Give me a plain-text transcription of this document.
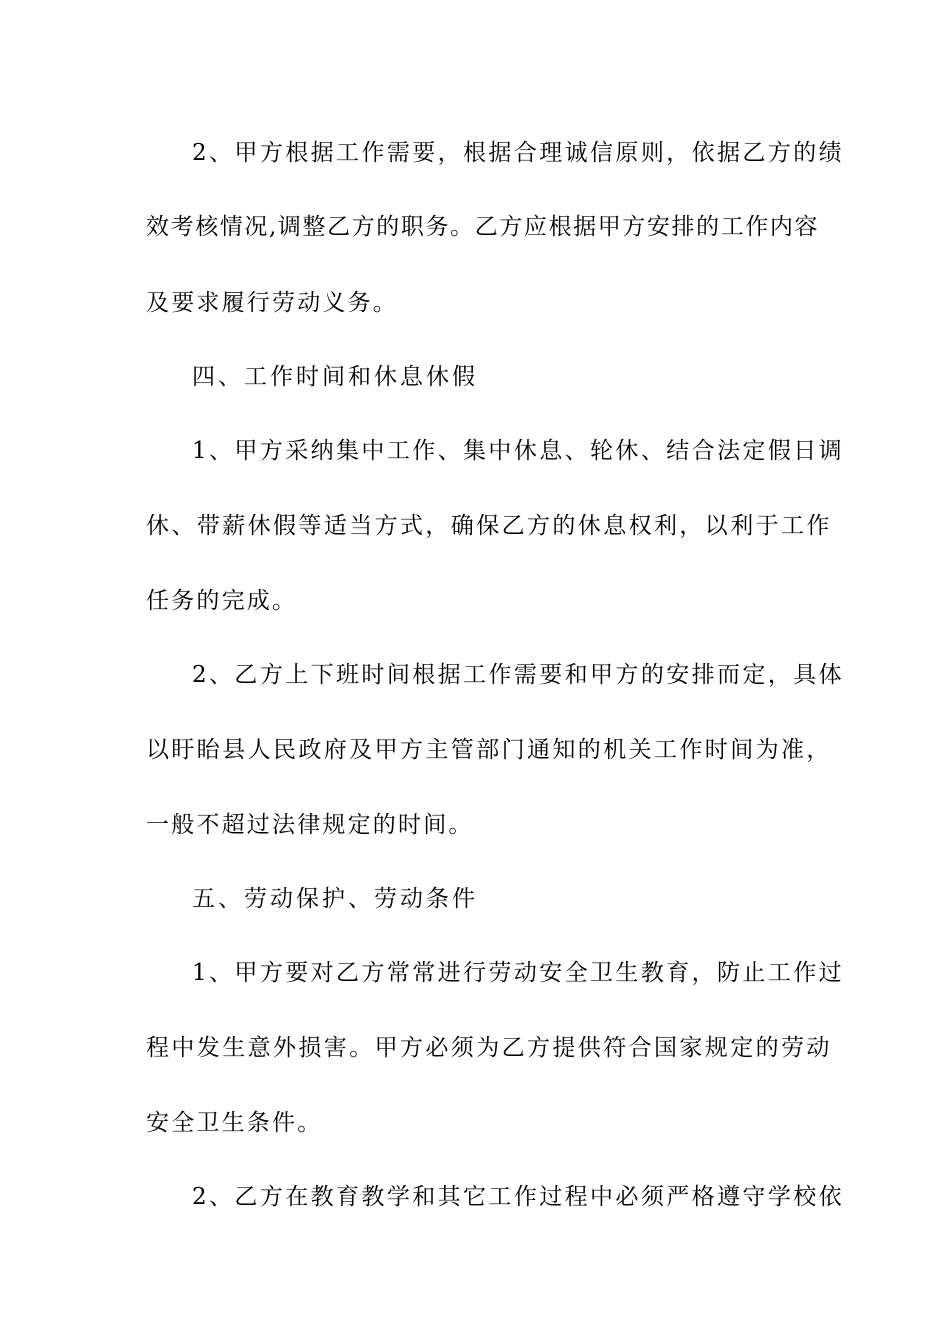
2、甲方根据工作需要，根据合理诚信原则，依据乙方的绩

效考核情况,调整乙方的职务。乙方应根据甲方安排的工作内容

及要求履行劳动义务。

四、工作时间和休息休假

1、甲方采纳集中工作、集中休息、轮休、结合法定假日调

休、带薪休假等适当方式，确保乙方的休息权利，以利于工作

任务的完成。

2、乙方上下班时间根据工作需要和甲方的安排而定，具体

以盱眙县人民政府及甲方主管部门通知的机关工作时间为准，

一般不超过法律规定的时间。

五、劳动保护、劳动条件

1、甲方要对乙方常常进行劳动安全卫生教育，防止工作过

程中发生意外损害。甲方必须为乙方提供符合国家规定的劳动

安全卫生条件。

2、乙方在教育教学和其它工作过程中必须严格遵守学校依
